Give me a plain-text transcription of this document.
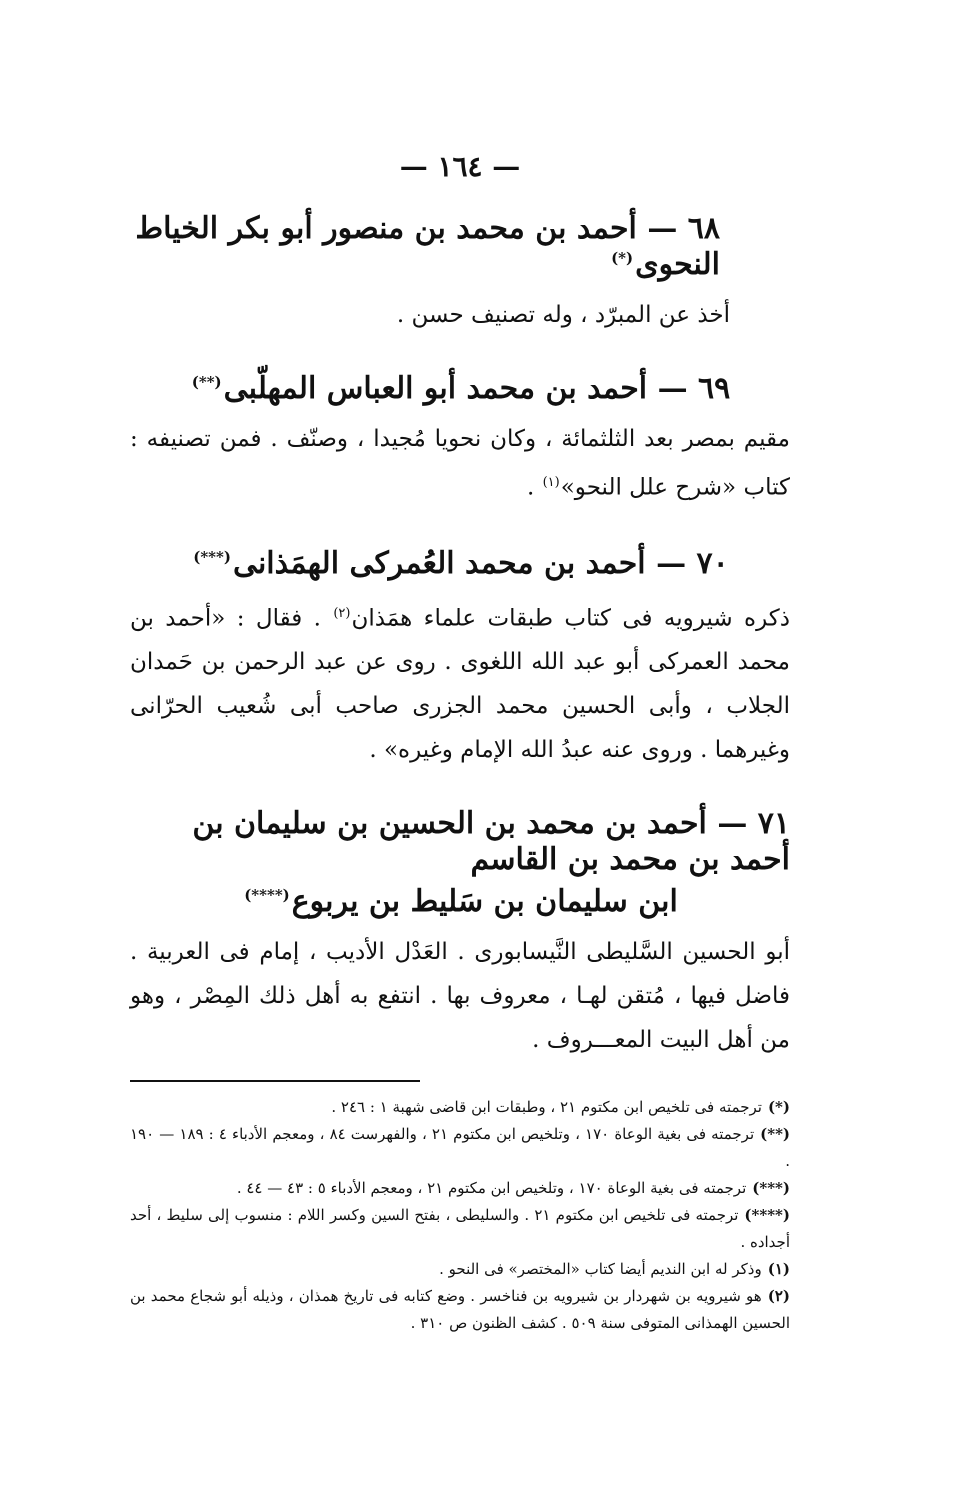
— ١٦٤ —
٦٨ — أحمد بن محمد بن منصور أبو بكر الخياط النحوى(*)

أخذ عن المبرّد ، وله تصنيف حسن .

٦٩ — أحمد بن محمد أبو العباس المهلّبى(**)

مقيم بمصر بعد الثلثمائة ، وكان نحويا مُجيدا ، وصنّف . فمن تصنيفه : كتاب «شرح علل النحو»$^{(١)}$ .

٧٠ — أحمد بن محمد العُمركى الهمَذانى(***)

ذكره شيرويه فى كتاب طبقات علماء همَذان$^{(٢)}$ . فقال : «أحمد بن محمد العمركى أبو عبد الله اللغوى . روى عن عبد الرحمن بن حَمدان الجلاب ، وأبى الحسين محمد الجزرى صاحب أبى شُعيب الحرّانى وغيرهما . وروى عنه عبدُ الله الإمام وغيره» .

٧١ — أحمد بن محمد بن الحسين بن سليمان بن أحمد بن محمد بن القاسم
ابن سليمان بن سَليط بن يربوع(****)

أبو الحسين السَّليطى النَّيسابورى . العَدْل الأديب ، إمام فى العربية . فاضل فيها ، مُتقن لهـا ، معروف بها . انتفع به أهل ذلك المِصْر ، وهو من أهل البيت المعـــروف .

(*)ترجمته فى تلخيص ابن مكتوم ٢١ ، وطبقات ابن قاضى شهبة ١ : ٢٤٦ .

(**)ترجمته فى بغية الوعاة ١٧٠ ، وتلخيص ابن مكتوم ٢١ ، والفهرست ٨٤ ، ومعجم الأدباء ٤ : ١٨٩ — ١٩٠ .

(***)ترجمته فى بغية الوعاة ١٧٠ ، وتلخيص ابن مكتوم ٢١ ، ومعجم الأدباء ٥ : ٤٣ — ٤٤ .

(****)ترجمته فى تلخيص ابن مكتوم ٢١ . والسليطى ، بفتح السين وكسر اللام : منسوب إلى سليط ، أحد أجداده .

(١)وذكر له ابن النديم أيضا كتاب «المختصر» فى النحو .

(٢)هو شيرويه بن شهردار بن شيرويه بن فناخسر . وضع كتابه فى تاريخ همذان ، وذيله أبو شجاع محمد بن الحسين الهمذانى المتوفى سنة ٥٠٩ . كشف الظنون ص ٣١٠ .
